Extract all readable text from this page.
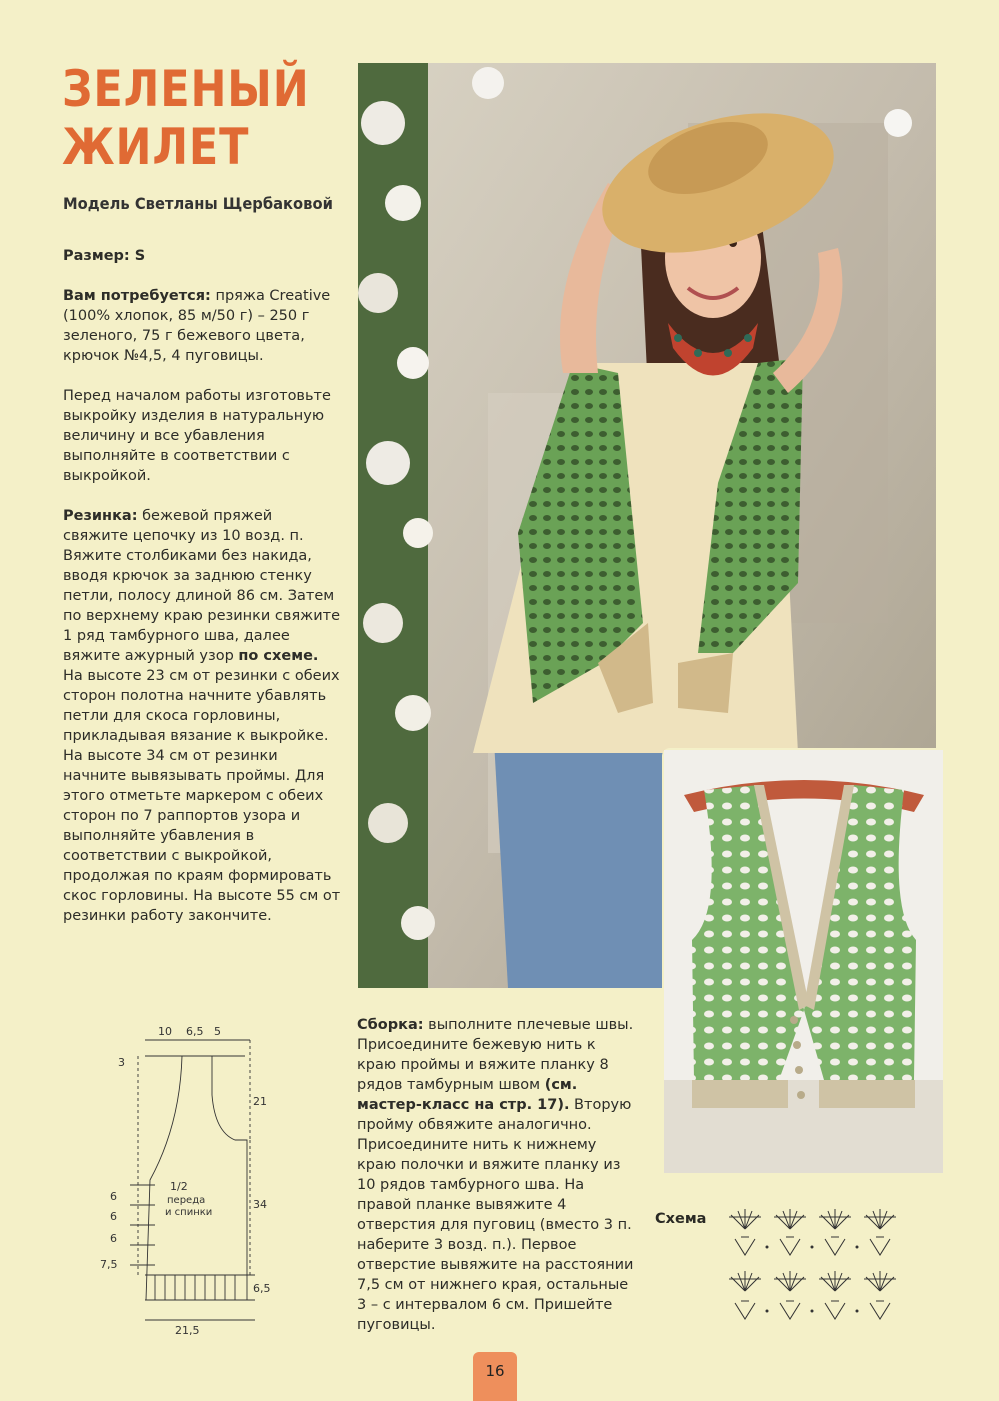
ЗЕЛЕНЫЙ
ЖИЛЕТ
Модель Светланы Щербаковой

Размер: S

Вам потребуется: пряжа Creative (100% хлопок, 85 м/50 г) – 250 г зеленого, 75 г бежевого цвета, крючок №4,5, 4 пуговицы.

Перед началом работы изготовьте выкройку изделия в натуральную величину и все убавления выполняйте в соответствии с выкройкой.

Резинка: бежевой пряжей свяжите цепочку из 10 возд. п. Вяжите столбиками без накида, вводя крючок за заднюю стенку петли, полосу длиной 86 см. Затем по верхнему краю резинки свяжите 1 ряд тамбурного шва, далее вяжите ажурный узор по схеме. На высоте 23 см от резинки с обеих сторон полотна начните убавлять петли для скоса горловины, прикладывая вязание к выкройке. На высоте 34 см от резинки начните вывязывать проймы. Для этого отметьте маркером с обеих сторон по 7 раппортов узора и выполняйте убавления в соответствии с выкройкой, продолжая по краям формировать скос горловины. На высоте 55 см от резинки работу закончите.

10 6,5 5
3
6
6
6
7,5
21
34
6,5
21,5
1/2
переда
и спинки

Сборка: выполните плечевые швы. Присоедините бежевую нить к краю проймы и вяжите планку 8 рядов тамбурным швом (см. мастер-класс на стр. 17). Вторую пройму обвяжите аналогично. Присоедините нить к нижнему краю полочки и вяжите планку из 10 рядов тамбурного шва. На правой планке вывяжите 4 отверстия для пуговиц (вместо 3 п. наберите 3 возд. п.). Первое отверстие вывяжите на расстоянии 7,5 см от нижнего края, остальные 3 – с интервалом 6 см. Пришейте пуговицы.

Схема
16
